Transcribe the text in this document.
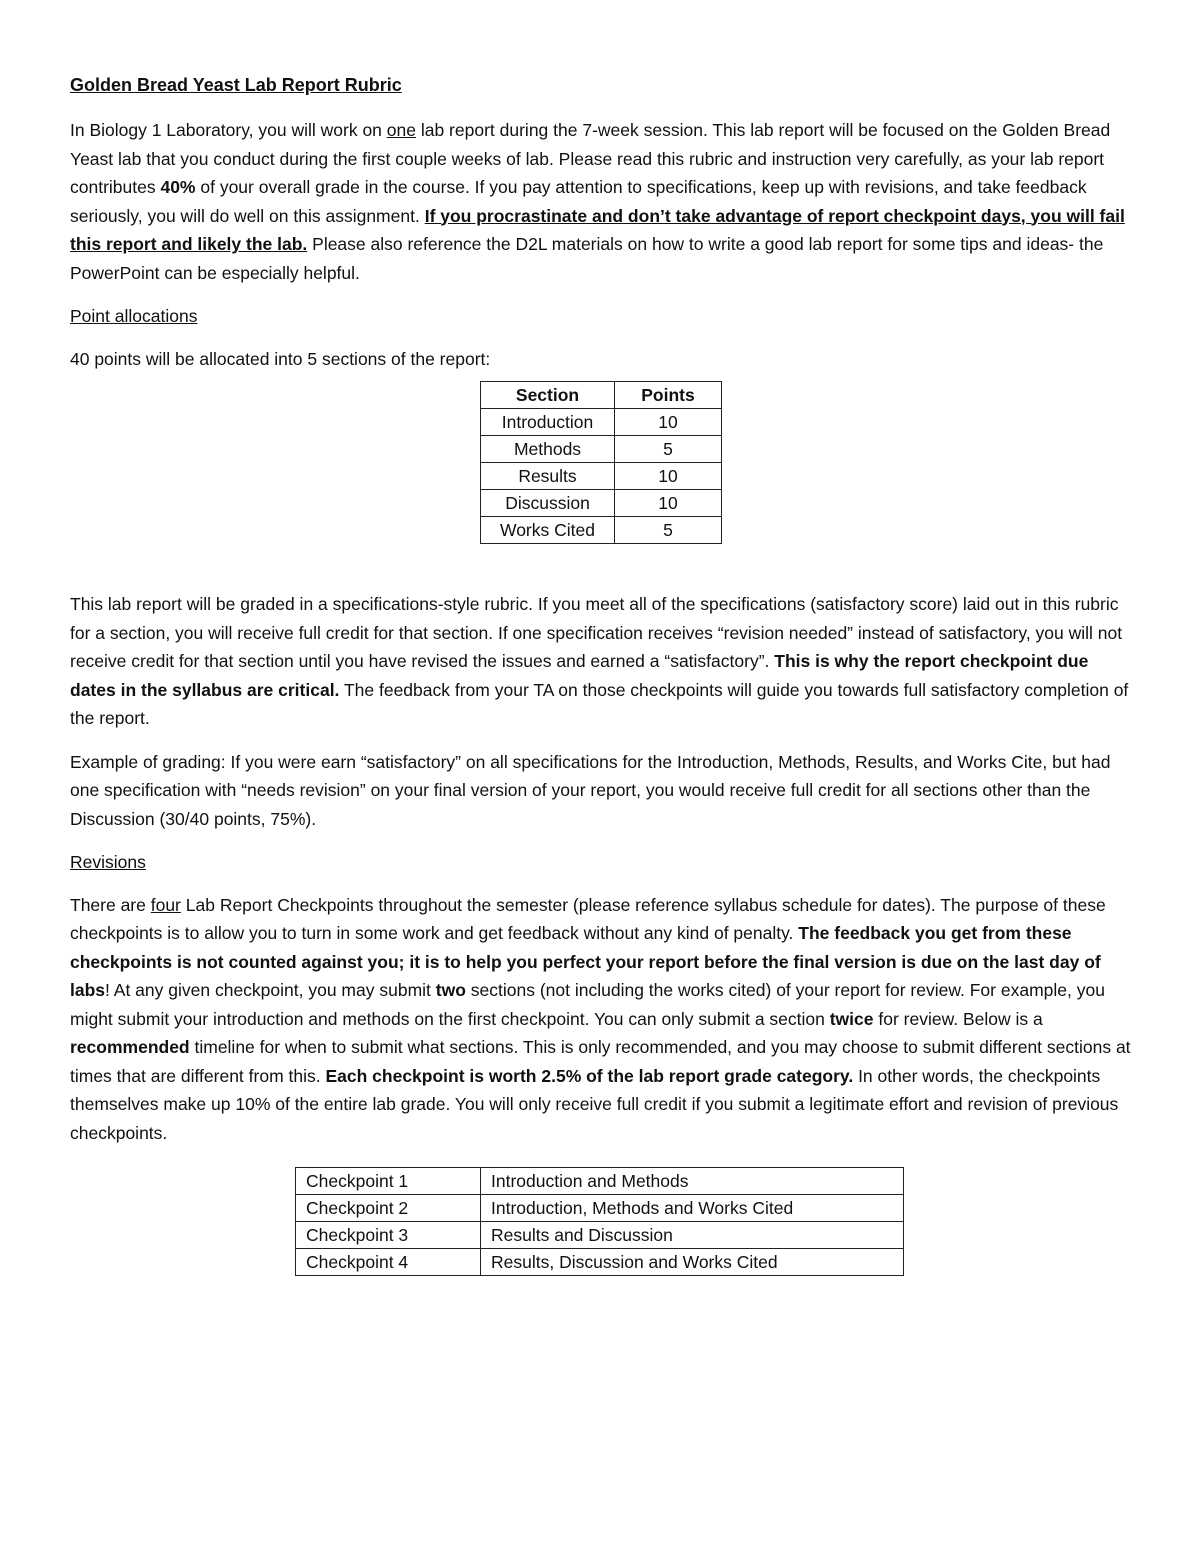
Golden Bread Yeast Lab Report Rubric

In Biology 1 Laboratory, you will work on one lab report during the 7-week session. This lab report will be focused on the Golden Bread Yeast lab that you conduct during the first couple weeks of lab. Please read this rubric and instruction very carefully, as your lab report contributes 40% of your overall grade in the course. If you pay attention to specifications, keep up with revisions, and take feedback seriously, you will do well on this assignment. If you procrastinate and don’t take advantage of report checkpoint days, you will fail this report and likely the lab. Please also reference the D2L materials on how to write a good lab report for some tips and ideas- the PowerPoint can be especially helpful.

Point allocations

40 points will be allocated into 5 sections of the report:

Section	Points
Introduction	10
Methods	5
Results	10
Discussion	10
Works Cited	5

This lab report will be graded in a specifications-style rubric. If you meet all of the specifications (satisfactory score) laid out in this rubric for a section, you will receive full credit for that section. If one specification receives “revision needed” instead of satisfactory, you will not receive credit for that section until you have revised the issues and earned a “satisfactory”. This is why the report checkpoint due dates in the syllabus are critical. The feedback from your TA on those checkpoints will guide you towards full satisfactory completion of the report.

Example of grading: If you were earn “satisfactory” on all specifications for the Introduction, Methods, Results, and Works Cite, but had one specification with “needs revision” on your final version of your report, you would receive full credit for all sections other than the Discussion (30/40 points, 75%).

Revisions

There are four Lab Report Checkpoints throughout the semester (please reference syllabus schedule for dates). The purpose of these checkpoints is to allow you to turn in some work and get feedback without any kind of penalty. The feedback you get from these checkpoints is not counted against you; it is to help you perfect your report before the final version is due on the last day of labs! At any given checkpoint, you may submit two sections (not including the works cited) of your report for review. For example, you might submit your introduction and methods on the first checkpoint. You can only submit a section twice for review. Below is a recommended timeline for when to submit what sections. This is only recommended, and you may choose to submit different sections at times that are different from this. Each checkpoint is worth 2.5% of the lab report grade category. In other words, the checkpoints themselves make up 10% of the entire lab grade. You will only receive full credit if you submit a legitimate effort and revision of previous checkpoints.

Checkpoint 1	Introduction and Methods
Checkpoint 2	Introduction, Methods and Works Cited
Checkpoint 3	Results and Discussion
Checkpoint 4	Results, Discussion and Works Cited
